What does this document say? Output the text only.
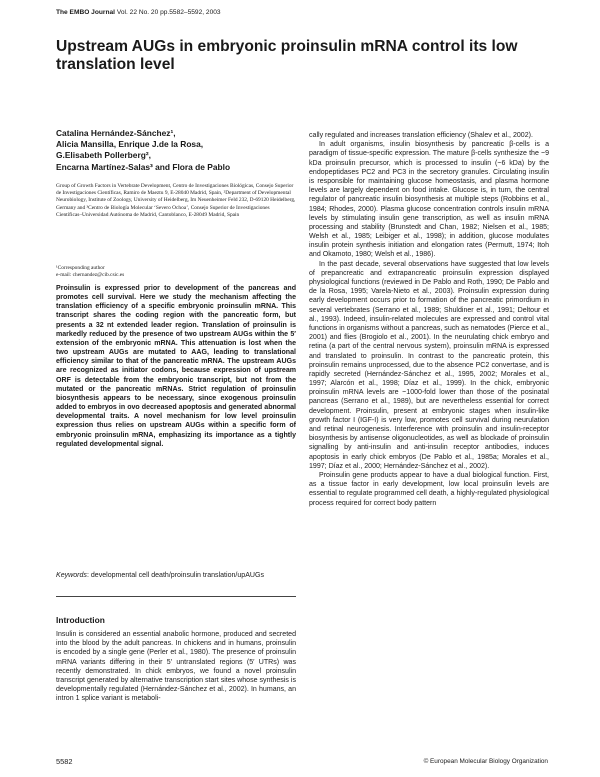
The EMBO Journal Vol. 22 No. 20 pp.5582–5592, 2003
Upstream AUGs in embryonic proinsulin mRNA control its low translation level
Catalina Hernández-Sánchez¹,
Alicia Mansilla, Enrique J.de la Rosa,
G.Elisabeth Pollerberg²,
Encarna Martínez-Salas³ and Flora de Pablo
Group of Growth Factors in Vertebrate Development, Centro de Investigaciones Biológicas, Consejo Superior de Investigaciones Científicas, Ramiro de Maeztu 9, E-28040 Madrid, Spain, ²Department of Developmental Neurobiology, Institute of Zoology, University of Heidelberg, Im Neuenheimer Feld 232, D-69120 Heidelberg, Germany and ³Centro de Biología Molecular ‘Severo Ochoa’, Consejo Superior de Investigaciones Científicas–Universidad Autónoma de Madrid, Cantoblanco, E-28049 Madrid, Spain
¹Corresponding author
e-mail: chernandez@cib.csic.es
Proinsulin is expressed prior to development of the pancreas and promotes cell survival. Here we study the mechanism affecting the translation efficiency of a specific embryonic proinsulin mRNA. This transcript shares the coding region with the pancreatic form, but presents a 32 nt extended leader region. Translation of proinsulin is markedly reduced by the presence of two upstream AUGs within the 5′ extension of the embryonic mRNA. This attenuation is lost when the two upstream AUGs are mutated to AAG, leading to translational efficiency similar to that of the pancreatic mRNA. The upstream AUGs are recognized as initiator codons, because expression of upstream ORF is detectable from the embryonic transcript, but not from the mutated or the pancreatic mRNAs. Strict regulation of proinsulin biosynthesis appears to be necessary, since exogenous proinsulin added to embryos in ovo decreased apoptosis and generated abnormal developmental traits. A novel mechanism for low level proinsulin expression thus relies on upstream AUGs within a specific form of embryonic proinsulin mRNA, emphasizing its importance as a tightly regulated developmental signal.
Keywords: developmental cell death/proinsulin translation/upAUGs
Introduction
Insulin is considered an essential anabolic hormone, produced and secreted into the blood by the adult pancreas. In chickens and in humans, proinsulin is encoded by a single gene (Perler et al., 1980). The presence of proinsulin mRNA variants differing in their 5′ untranslated regions (5′ UTRs) was recently demonstrated. In chick embryos, we found a novel proinsulin transcript generated by alternative transcription start sites whose synthesis is developmentally regulated (Hernández-Sánchez et al., 2002). In humans, an intron 1 splice variant is metaboli-

cally regulated and increases translation efficiency (Shalev et al., 2002).

In adult organisms, insulin biosynthesis by pancreatic β-cells is a paradigm of tissue-specific expression. The mature β-cells synthesize the ~9 kDa proinsulin precursor, which is processed to insulin (~6 kDa) by the endopeptidases PC2 and PC3 in the secretory granules. Circulating insulin is responsible for maintaining glucose homeostasis, and plasma hormone levels are largely dependent on food intake. Glucose is, in turn, the central regulator of pancreatic insulin biosynthesis at multiple steps (Robbins et al., 1984; Rhodes, 2000). Plasma glucose concentration controls insulin mRNA levels by stimulating insulin gene transcription, as well as insulin mRNA processing and stability (Brunstedt and Chan, 1982; Nielsen et al., 1985; Welsh et al., 1985; Leibiger et al., 1998); in addition, glucose modulates insulin protein synthesis initiation and elongation rates (Permutt, 1974; Itoh and Okamoto, 1980; Welsh et al., 1986).

In the past decade, several observations have suggested that low levels of prepancreatic and extrapancreatic proinsulin expression displayed physiological functions (reviewed in De Pablo and Roth, 1990; De Pablo and de la Rosa, 1995; Varela-Nieto et al., 2003). Proinsulin expression during early development occurs prior to formation of the pancreatic primordium in several vertebrates (Serrano et al., 1989; Shuldiner et al., 1991; Deltour et al., 1993). Indeed, insulin-related molecules are expressed and control vital functions in organisms without a pancreas, such as nematodes (Pierce et al., 2001) and flies (Brogiolo et al., 2001). In the neurulating chick embryo and retina (a part of the central nervous system), proinsulin mRNA is expressed and translated to proinsulin. In contrast to the pancreatic protein, this proinsulin remains unprocessed, due to the absence PC2 convertase, and is rapidly secreted (Hernández-Sánchez et al., 1995, 2002; Morales et al., 1997; Alarcón et al., 1998; Díaz et al., 1999). In the chick, embryonic proinsulin mRNA levels are ~1000-fold lower than those of the posinatal pancreas (Serrano et al., 1989), but are nevertheless essential for correct development. Proinsulin, present at embryonic stages when insulin-like growth factor I (IGF-I) is very low, promotes cell survival during neurulation and retinal neurogenesis. Interference with proinsulin and insulin-receptor biosynthesis by antisense oligonucleotides, as well as blockade of proinsulin signalling by anti-insulin and anti-insulin receptor antibodies, induces apoptosis in early chick embryos (De Pablo et al., 1985a; Morales et al., 1997; Díaz et al., 2000; Hernández-Sánchez et al., 2002).

Proinsulin gene products appear to have a dual biological function. First, as a tissue factor in early development, low local proinsulin levels are essential to regulate programmed cell death, a highly-regulated physiological process required for correct body pattern

5582	© European Molecular Biology Organization
